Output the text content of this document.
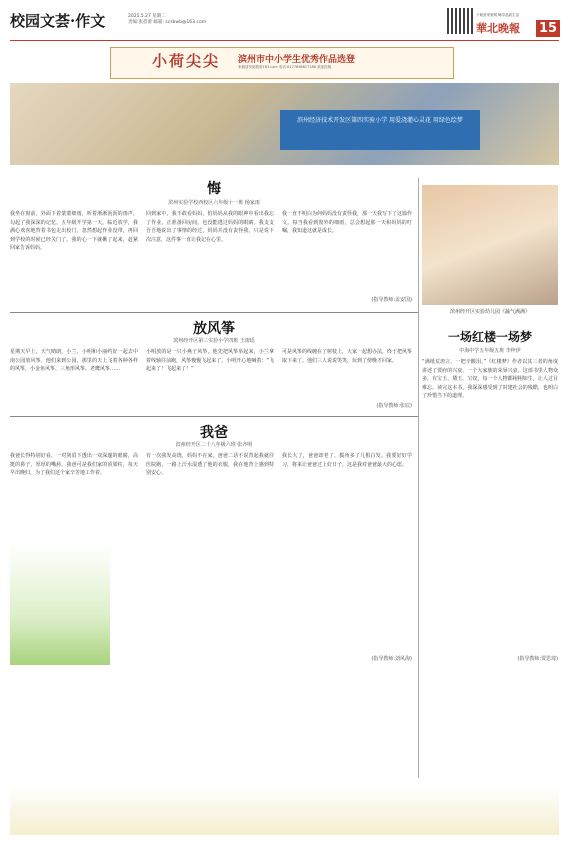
校园文荟·作文	2025.5.27 星期二
责编:张蓓蕾 邮箱: scsbwb@163.com
下载爱采家网 畅享品质生活
華北晚報 15
小荷尖尖 滨州市中小学生优秀作品选登
来稿请发邮箱@163.com 电话:0177698817188 欢迎投稿
滨州经济技术开发区第四实验小学 用爱浇灌心灵花 用绿色绘梦
悔
滨州实验学校西校区六年级十一班 杨家雨
我坐在窗前，外面下着蒙蒙细雨，听着淅淅沥沥的雨声，勾起了我深深的记忆。五年级开学第一天，临近放学，我满心欢喜地背着书包走出校门，忽然想起作业没带，再回到学校的时候已经关门了。我的心一下就揪了起来，赶紧回家告诉妈妈。
回到家中，我不敢看妈妈，怕妈妈从我的眼神中看出我忘了作业，正准备回房间，也没能逃过妈妈的眼睛。我支支吾吾地说出了事情的经过，妈妈并没有责怪我，只是说下次注意，这件事一直让我记在心里。
我一直不明白为何妈妈没有责怪我，那一天我写下了这篇作文，每当我看到窗外的细雨，总会想起那一天和妈妈的叮嘱，我知道这就是成长。
(指导教师:盖安国)
放风筝
滨州经开区第三实验小学四班 王雨瑶
星期天早上，天气晴朗，小兰、小明和小丽约好一起去中南公园放风筝。他们来到公园，那里的天上飞着各种各样的风筝，小金鱼风筝、三角形风筝、老鹰风筝……
小明放的是一只小燕子风筝，他先把风筝举起来，小兰拿着线轴往前跑，风筝慢慢飞起来了。小明开心地喊着：“飞起来了！飞起来了！”
可是风筝的线缠在了树枝上，大家一起想办法，终于把风筝取下来了。他们三人说说笑笑，玩到了傍晚才回家。
(指导教师:张辰)
我爸
滨州经开区二十八年级六班 张齐明
我爸长得特别好看，一对剑眉下透出一双深邃的眼睛，高挺的鼻子，厚厚的嘴唇。我爸可是我们家的顶梁柱，每天早出晚归，为了我们这个家辛苦地工作着。
有一次我发高烧，妈妈不在家，爸爸二话不说背起我就往医院跑，一路上汗水湿透了他的衣服，我在他背上感到特别安心。
我长大了，爸爸却老了，鬓角多了几根白发。我要好好学习，将来让爸爸过上好日子，这是我对爸爸最大的心愿。
(指导教师:刘风海)
滨州经开区实验幼儿园《蔬气满满》
一场红楼一场梦
中海中学五年级五班 李梓伊
“满纸荒唐言，一把辛酸泪。”《红楼梦》作者以其三者的角度讲述了贾府的兴衰，一个大家族的荣辱兴衰。这部书里人物众多，有宝玉、黛玉、宝钗，每一个人物都栩栩如生，让人过目难忘。读完这本书，我深深感受到了封建社会的残酷，也明白了珍惜当下的道理。
(指导教师:贾思琦)
